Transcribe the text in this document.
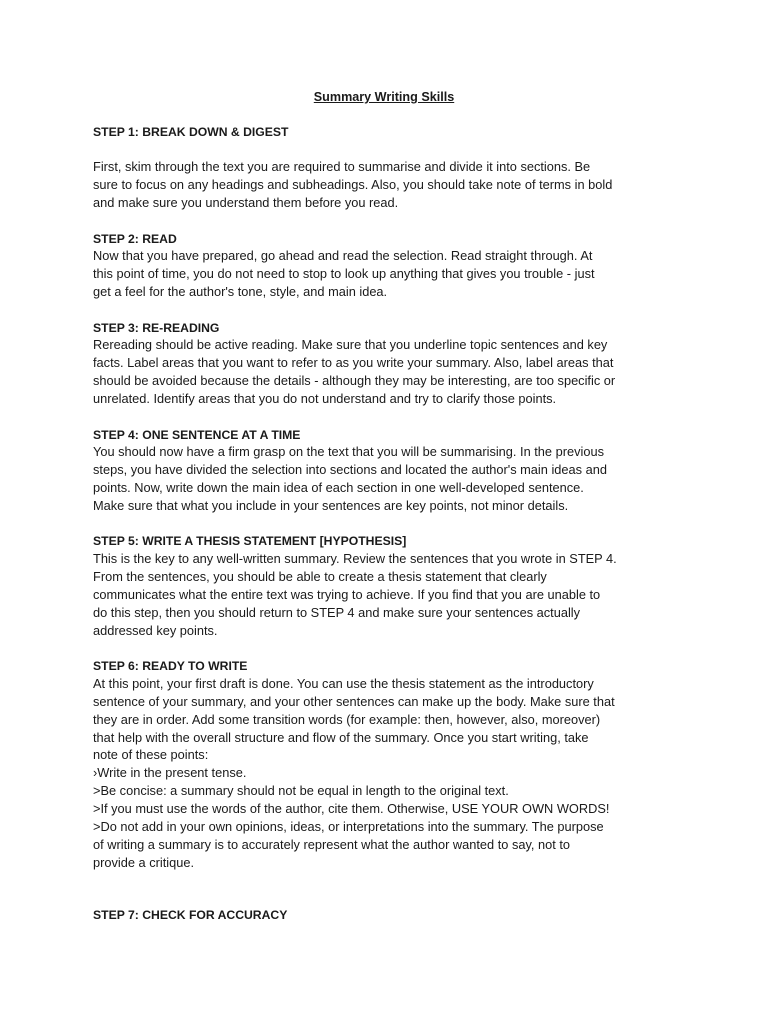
Summary Writing Skills
STEP 1: BREAK DOWN & DIGEST
First, skim through the text you are required to summarise and divide it into sections. Be
sure to focus on any headings and subheadings. Also, you should take note of terms in bold
and make sure you understand them before you read.
STEP 2: READ
Now that you have prepared, go ahead and read the selection. Read straight through. At
this point of time, you do not need to stop to look up anything that gives you trouble - just
get a feel for the author's tone, style, and main idea.
STEP 3: RE-READING
Rereading should be active reading. Make sure that you underline topic sentences and key
facts. Label areas that you want to refer to as you write your summary. Also, label areas that
should be avoided because the details - although they may be interesting, are too specific or
unrelated. Identify areas that you do not understand and try to clarify those points.
STEP 4: ONE SENTENCE AT A TIME
You should now have a firm grasp on the text that you will be summarising. In the previous
steps, you have divided the selection into sections and located the author's main ideas and
points. Now, write down the main idea of each section in one well-developed sentence.
Make sure that what you include in your sentences are key points, not minor details.
STEP 5: WRITE A THESIS STATEMENT [HYPOTHESIS]
This is the key to any well-written summary. Review the sentences that you wrote in STEP 4.
From the sentences, you should be able to create a thesis statement that clearly
communicates what the entire text was trying to achieve. If you find that you are unable to
do this step, then you should return to STEP 4 and make sure your sentences actually
addressed key points.
STEP 6: READY TO WRITE
At this point, your first draft is done. You can use the thesis statement as the introductory
sentence of your summary, and your other sentences can make up the body. Make sure that
they are in order. Add some transition words (for example: then, however, also, moreover)
that help with the overall structure and flow of the summary. Once you start writing, take
note of these points:
›Write in the present tense.
>Be concise: a summary should not be equal in length to the original text.
>If you must use the words of the author, cite them. Otherwise, USE YOUR OWN WORDS!
>Do not add in your own opinions, ideas, or interpretations into the summary. The purpose
of writing a summary is to accurately represent what the author wanted to say, not to
provide a critique.
STEP 7: CHECK FOR ACCURACY
